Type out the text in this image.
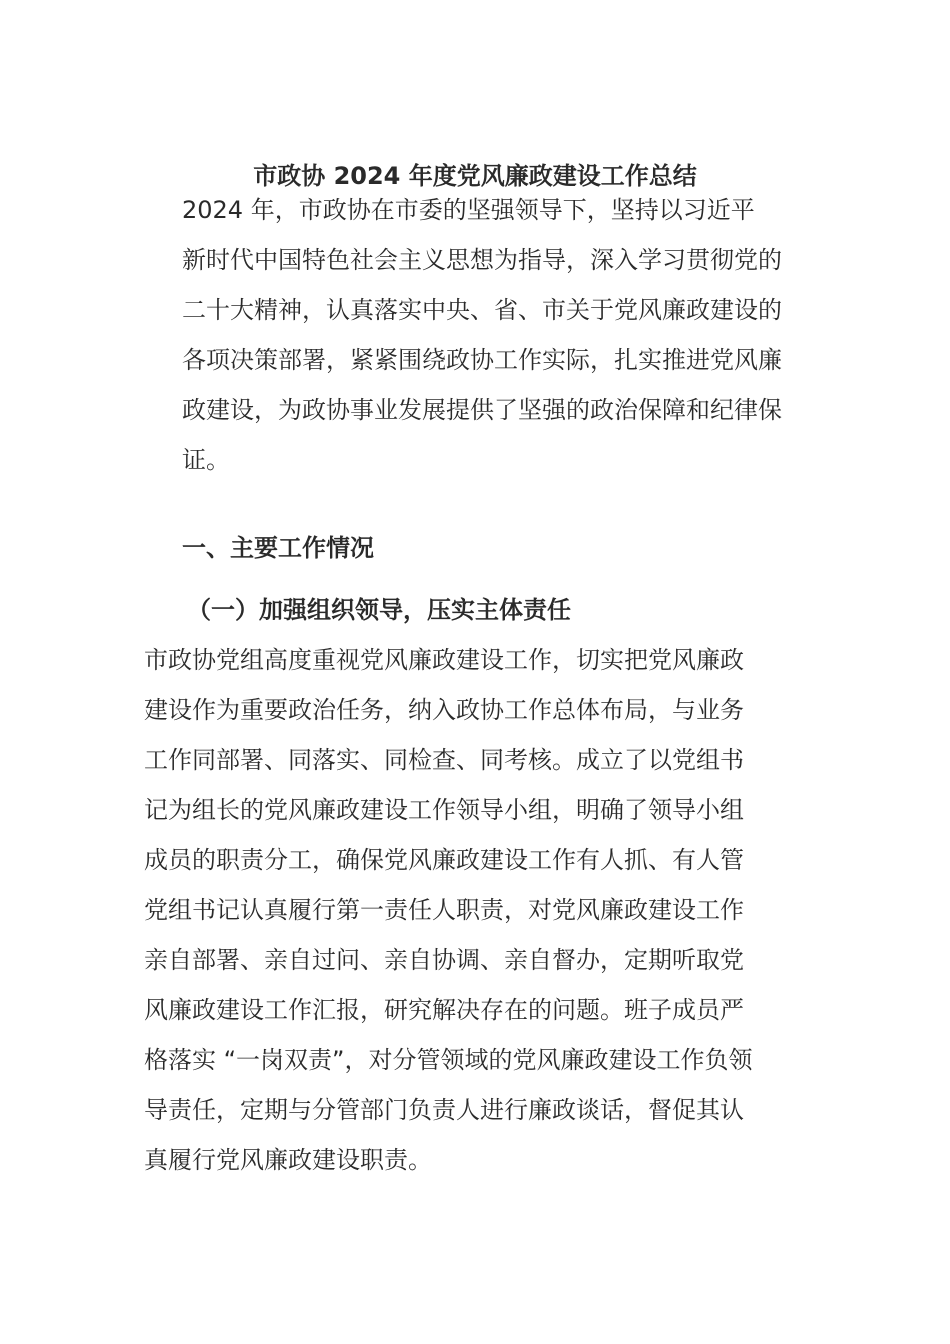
市政协 2024 年度党风廉政建设工作总结
2024 年，市政协在市委的坚强领导下，坚持以习近平
新时代中国特色社会主义思想为指导，深入学习贯彻党的
二十大精神，认真落实中央、省、市关于党风廉政建设的
各项决策部署，紧紧围绕政协工作实际，扎实推进党风廉
政建设，为政协事业发展提供了坚强的政治保障和纪律保
证。
一、主要工作情况
（一）加强组织领导，压实主体责任
市政协党组高度重视党风廉政建设工作，切实把党风廉政
建设作为重要政治任务，纳入政协工作总体布局，与业务
工作同部署、同落实、同检查、同考核。成立了以党组书
记为组长的党风廉政建设工作领导小组，明确了领导小组
成员的职责分工，确保党风廉政建设工作有人抓、有人管
党组书记认真履行第一责任人职责，对党风廉政建设工作
亲自部署、亲自过问、亲自协调、亲自督办，定期听取党
风廉政建设工作汇报，研究解决存在的问题。班子成员严
格落实 “一岗双责”，对分管领域的党风廉政建设工作负领
导责任，定期与分管部门负责人进行廉政谈话，督促其认
真履行党风廉政建设职责。
